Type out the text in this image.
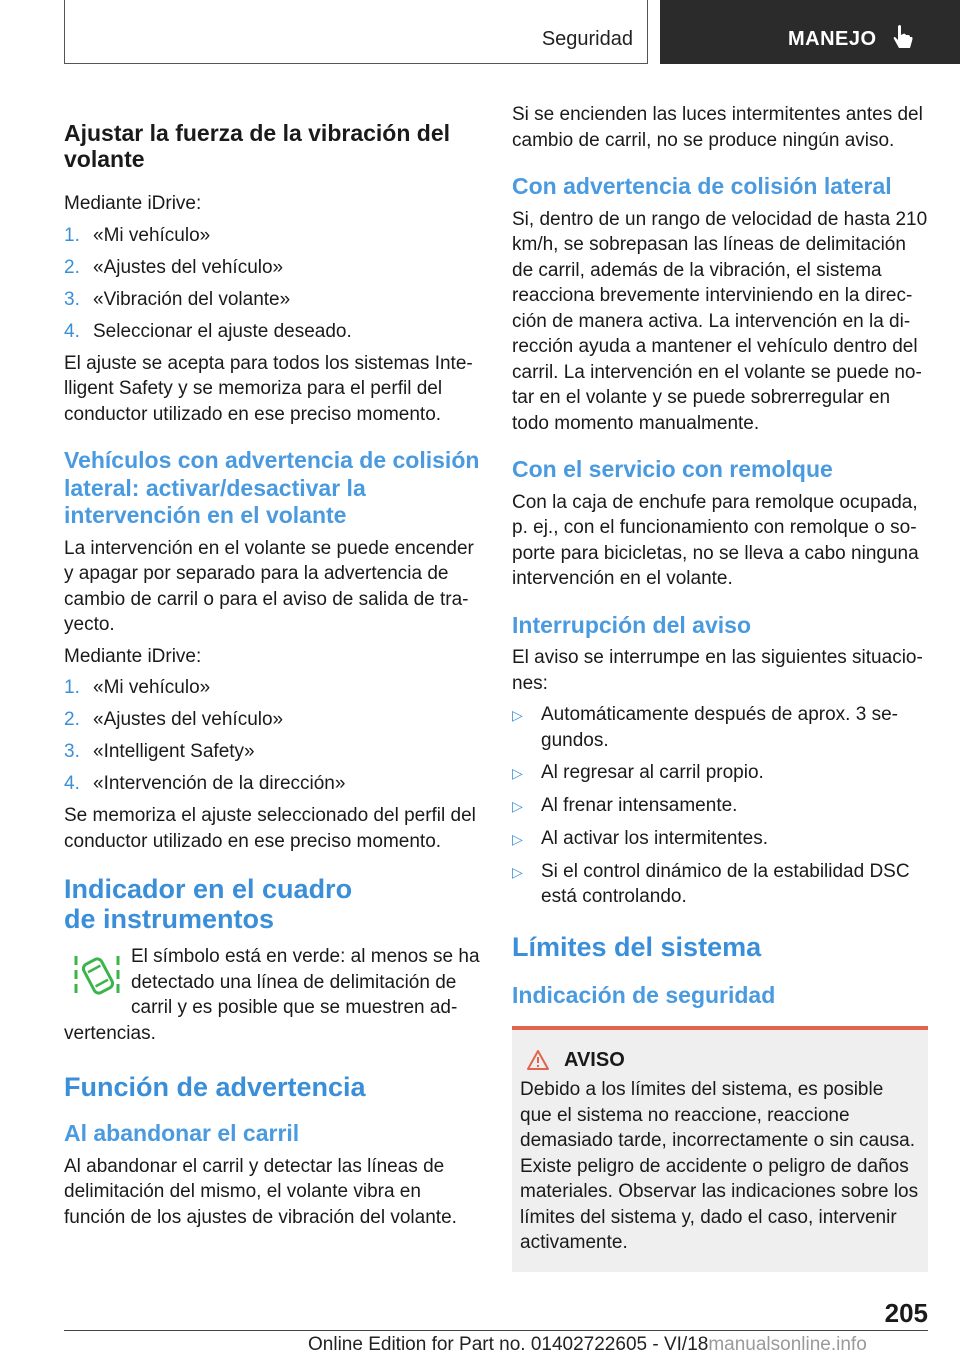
Seguridad	MANEJO
Ajustar la fuerza de la vibración del volante

Mediante iDrive:

1. «Mi vehículo»
2. «Ajustes del vehículo»
3. «Vibración del volante»
4. Seleccionar el ajuste deseado.

El ajuste se acepta para todos los sistemas Intelligent Safety y se memoriza para el perfil del conductor utilizado en ese preciso momento.

Vehículos con advertencia de colisión lateral: activar/desactivar la intervención en el volante

La intervención en el volante se puede encender y apagar por separado para la advertencia de cambio de carril o para el aviso de salida de trayecto.

Mediante iDrive:

1. «Mi vehículo»
2. «Ajustes del vehículo»
3. «Intelligent Safety»
4. «Intervención de la dirección»

Se memoriza el ajuste seleccionado del perfil del conductor utilizado en ese preciso momento.

Indicador en el cuadro de instrumentos

El símbolo está en verde: al menos se ha detectado una línea de delimitación de carril y es posible que se muestren advertencias.

Función de advertencia
Al abandonar el carril

Al abandonar el carril y detectar las líneas de delimitación del mismo, el volante vibra en función de los ajustes de vibración del volante.

Si se encienden las luces intermitentes antes del cambio de carril, no se produce ningún aviso.

Con advertencia de colisión lateral

Si, dentro de un rango de velocidad de hasta 210 km/h, se sobrepasan las líneas de delimitación de carril, además de la vibración, el sistema reacciona brevemente interviniendo en la dirección de manera activa. La intervención en la dirección ayuda a mantener el vehículo dentro del carril. La intervención en el volante se puede notar en el volante y se puede sobrerregular en todo momento manualmente.

Con el servicio con remolque

Con la caja de enchufe para remolque ocupada, p. ej., con el funcionamiento con remolque o soporte para bicicletas, no se lleva a cabo ninguna intervención en el volante.

Interrupción del aviso

El aviso se interrumpe en las siguientes situaciones:

▷ Automáticamente después de aprox. 3 segundos.
▷ Al regresar al carril propio.
▷ Al frenar intensamente.
▷ Al activar los intermitentes.
▷ Si el control dinámico de la estabilidad DSC está controlando.
Límites del sistema
Indicación de seguridad
AVISO

Debido a los límites del sistema, es posible que el sistema no reaccione, reaccione demasiado tarde, incorrectamente o sin causa. Existe peligro de accidente o peligro de daños materiales. Observar las indicaciones sobre los límites del sistema y, dado el caso, intervenir activamente.

205
Online Edition for Part no. 01402722605 - VI/18manualsonline.info
